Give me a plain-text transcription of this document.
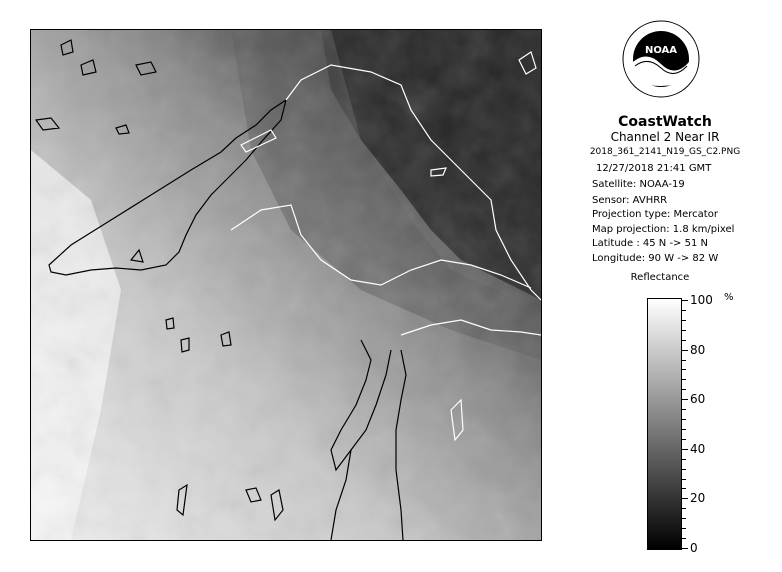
NOAA
CoastWatch
Channel 2 Near IR
2018_361_2141_N19_GS_C2.PNG
12/27/2018 21:41 GMT
Satellite: NOAA-19
Sensor: AVHRR
Projection type: Mercator
Map projection: 1.8 km/pixel
Latitude : 45 N -> 51 N
Longitude: 90 W -> 82 W
Reflectance
%
100
80
60
40
20
0
